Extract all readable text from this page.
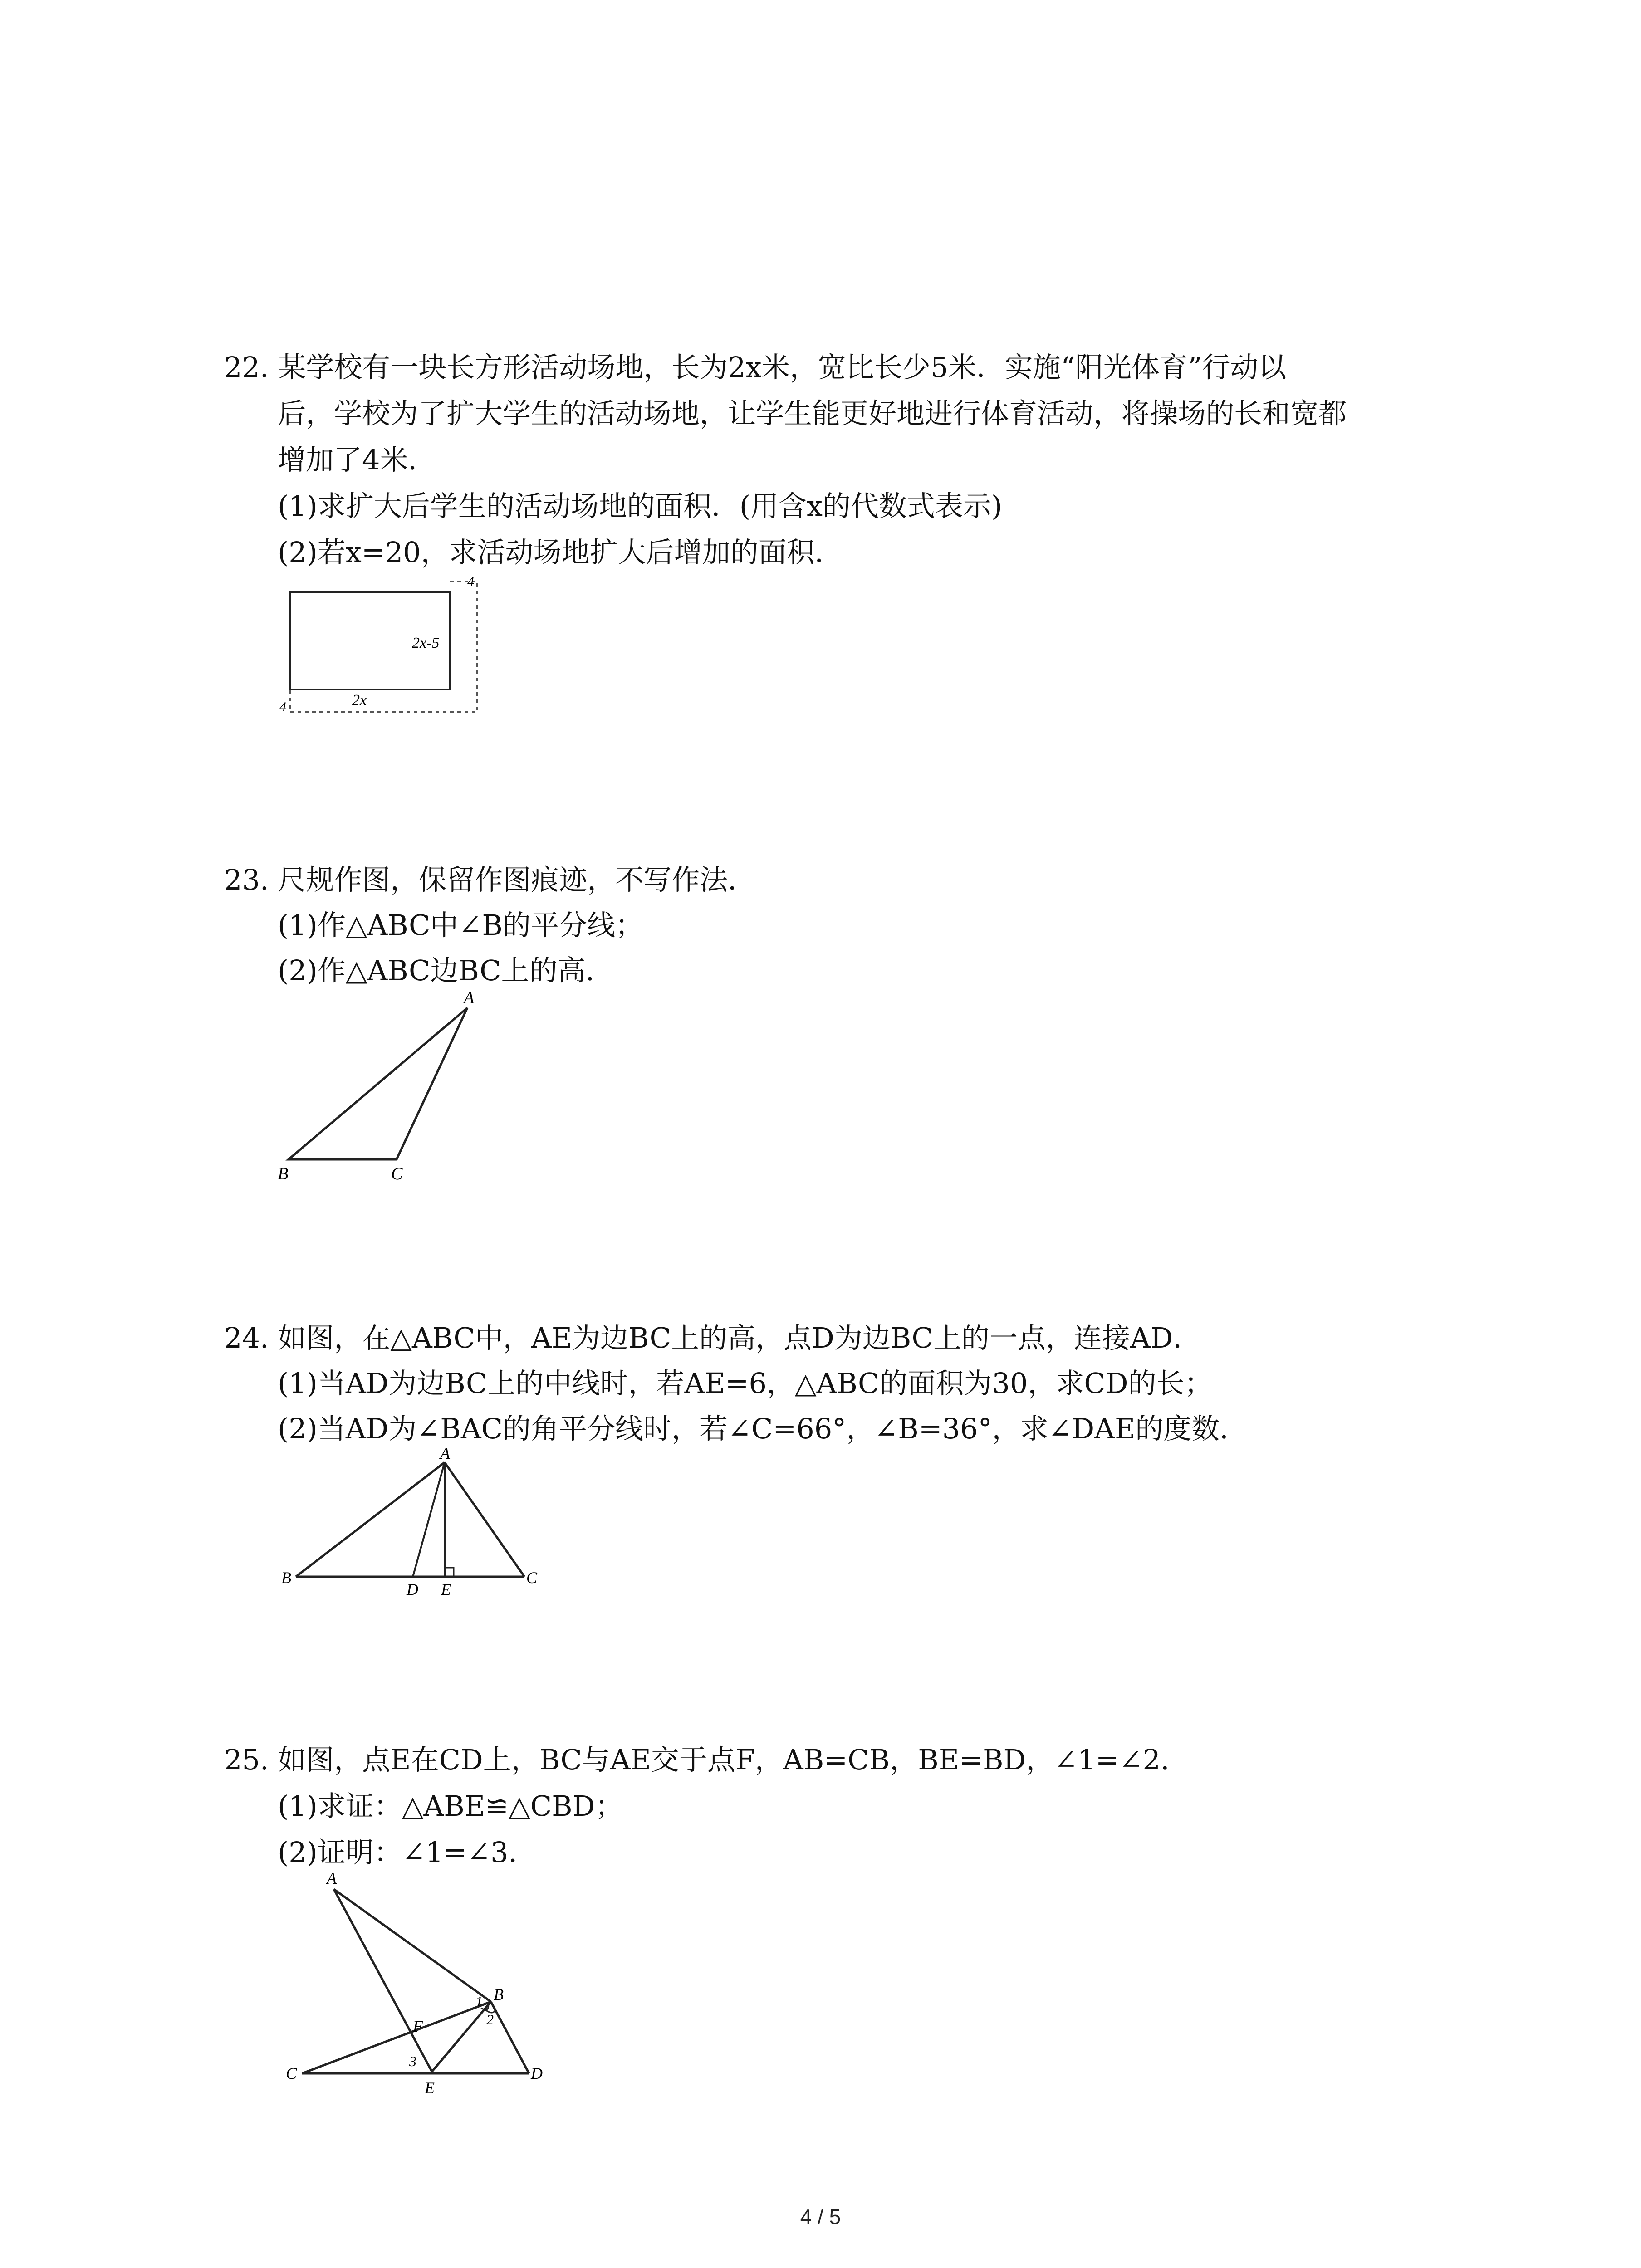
22. 某学校有一块长方形活动场地，长为2x米，宽比长少5米．实施“阳光体育”行动以
后，学校为了扩大学生的活动场地，让学生能更好地进行体育活动，将操场的长和宽都
增加了4米．
(1)求扩大后学生的活动场地的面积．(用含x的代数式表示)
(2)若x=20，求活动场地扩大后增加的面积．
4
2x-5
2x
4
23. 尺规作图，保留作图痕迹，不写作法．
(1)作△ABC中∠B的平分线；
(2)作△ABC边BC上的高．
A
B	C
24. 如图，在△ABC中，AE为边BC上的高，点D为边BC上的一点，连接AD．
(1)当AD为边BC上的中线时，若AE=6，△ABC的面积为30，求CD的长；
(2)当AD为∠BAC的角平分线时，若∠C=66°，∠B=36°，求∠DAE的度数．
A
B	C
D E
25. 如图，点E在CD上，BC与AE交于点F，AB=CB，BE=BD，∠1=∠2．
(1)求证：△ABE≌△CBD；
(2)证明：∠1=∠3．
A
B
C	D
E
F
1
2
3
4 / 5
